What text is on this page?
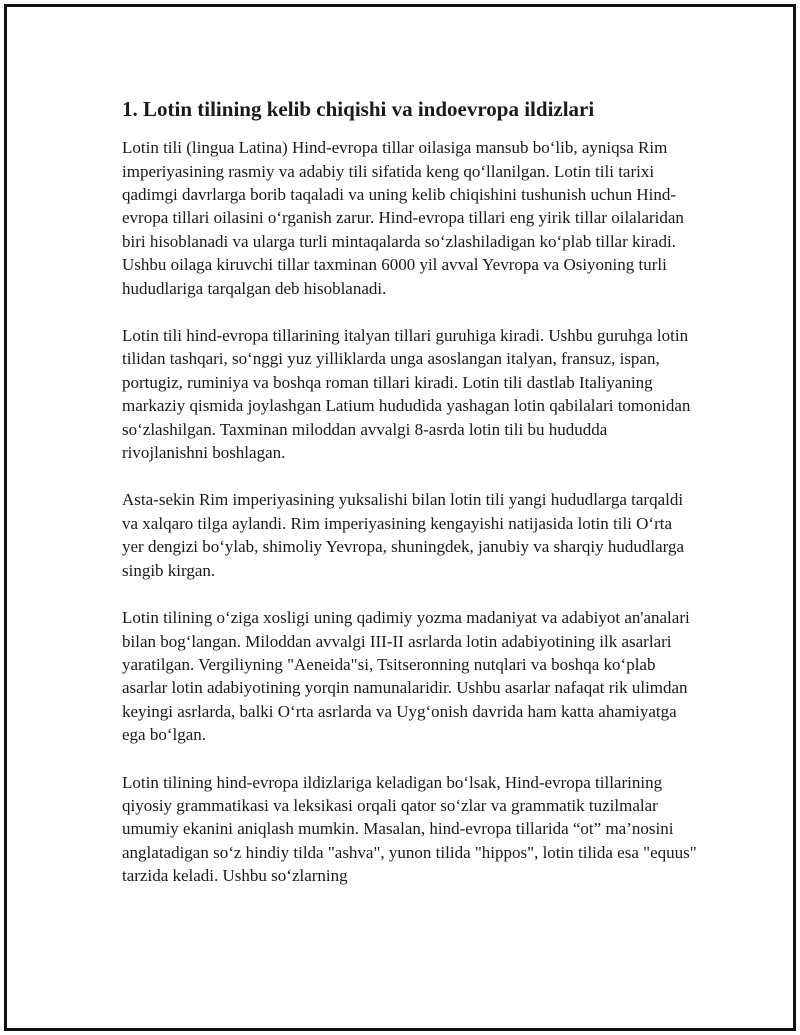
1. Lotin tilining kelib chiqishi va indoevropa ildizlari

Lotin tili (lingua Latina) Hind-evropa tillar oilasiga mansub bo‘lib, ayniqsa Rim imperiyasining rasmiy va adabiy tili sifatida keng qo‘llanilgan. Lotin tili tarixi qadimgi davrlarga borib taqaladi va uning kelib chiqishini tushunish uchun Hind-evropa tillari oilasini o‘rganish zarur. Hind-evropa tillari eng yirik tillar oilalaridan biri hisoblanadi va ularga turli mintaqalarda so‘zlashiladigan ko‘plab tillar kiradi. Ushbu oilaga kiruvchi tillar taxminan 6000 yil avval Yevropa va Osiyoning turli hududlariga tarqalgan deb hisoblanadi.

Lotin tili hind-evropa tillarining italyan tillari guruhiga kiradi. Ushbu guruhga lotin tilidan tashqari, so‘nggi yuz yilliklarda unga asoslangan italyan, fransuz, ispan, portugiz, ruminiya va boshqa roman tillari kiradi. Lotin tili dastlab Italiyaning markaziy qismida joylashgan Latium hududida yashagan lotin qabilalari tomonidan so‘zlashilgan. Taxminan miloddan avvalgi 8-asrda lotin tili bu hududda rivojlanishni boshlagan.

Asta-sekin Rim imperiyasining yuksalishi bilan lotin tili yangi hududlarga tarqaldi va xalqaro tilga aylandi. Rim imperiyasining kengayishi natijasida lotin tili O‘rta yer dengizi bo‘ylab, shimoliy Yevropa, shuningdek, janubiy va sharqiy hududlarga singib kirgan.

Lotin tilining o‘ziga xosligi uning qadimiy yozma madaniyat va adabiyot an'analari bilan bog‘langan. Miloddan avvalgi III-II asrlarda lotin adabiyotining ilk asarlari yaratilgan. Vergiliyning "Aeneida"si, Tsitseronning nutqlari va boshqa ko‘plab asarlar lotin adabiyotining yorqin namunalaridir. Ushbu asarlar nafaqat rik ulimdan keyingi asrlarda, balki O‘rta asrlarda va Uyg‘onish davrida ham katta ahamiyatga ega bo‘lgan.

Lotin tilining hind-evropa ildizlariga keladigan bo‘lsak, Hind-evropa tillarining qiyosiy grammatikasi va leksikasi orqali qator so‘zlar va grammatik tuzilmalar umumiy ekanini aniqlash mumkin. Masalan, hind-evropa tillarida “ot” ma’nosini anglatadigan so‘z hindiy tilda "ashva", yunon tilida "hippos", lotin tilida esa "equus" tarzida keladi. Ushbu so‘zlarning
